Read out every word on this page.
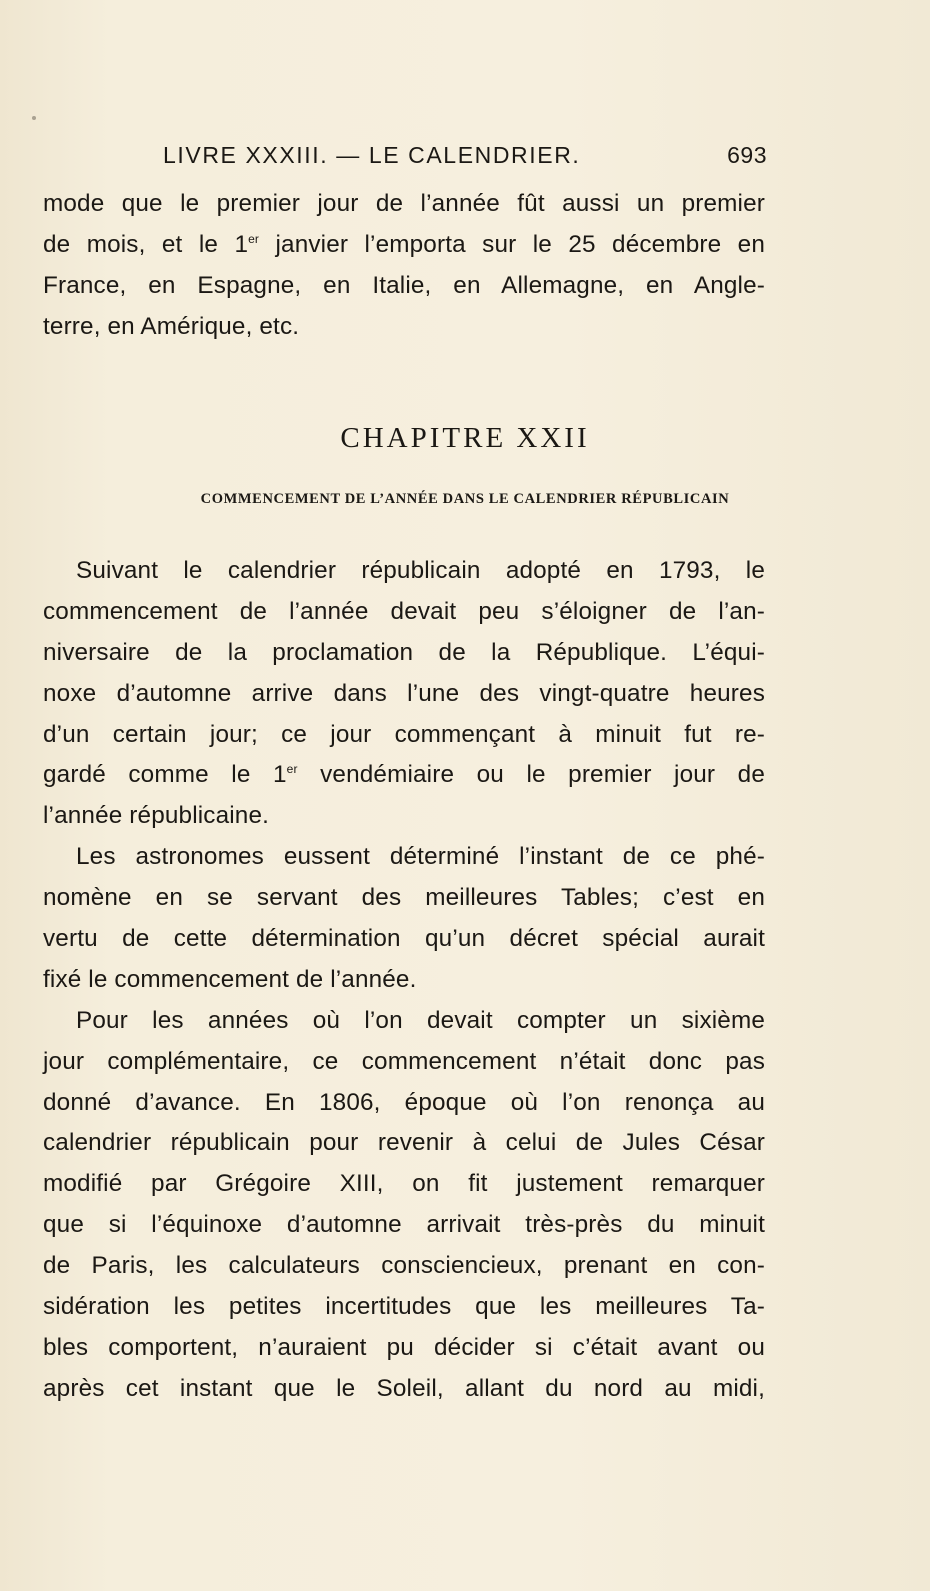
LIVRE XXXIII. — LE CALENDRIER.	693
mode que le premier jour de l’année fût aussi un premier
de mois, et le 1er janvier l’emporta sur le 25 décembre en
France, en Espagne, en Italie, en Allemagne, en Angle-
terre, en Amérique, etc.
CHAPITRE XXII
COMMENCEMENT DE L’ANNÉE DANS LE CALENDRIER RÉPUBLICAIN
Suivant le calendrier républicain adopté en 1793, le
commencement de l’année devait peu s’éloigner de l’an-
niversaire de la proclamation de la République. L’équi-
noxe d’automne arrive dans l’une des vingt-quatre heures
d’un certain jour; ce jour commençant à minuit fut re-
gardé comme le 1er vendémiaire ou le premier jour de
l’année républicaine.
Les astronomes eussent déterminé l’instant de ce phé-
nomène en se servant des meilleures Tables; c’est en
vertu de cette détermination qu’un décret spécial aurait
fixé le commencement de l’année.
Pour les années où l’on devait compter un sixième
jour complémentaire, ce commencement n’était donc pas
donné d’avance. En 1806, époque où l’on renonça au
calendrier républicain pour revenir à celui de Jules César
modifié par Grégoire XIII, on fit justement remarquer
que si l’équinoxe d’automne arrivait très-près du minuit
de Paris, les calculateurs consciencieux, prenant en con-
sidération les petites incertitudes que les meilleures Ta-
bles comportent, n’auraient pu décider si c’était avant ou
après cet instant que le Soleil, allant du nord au midi,
